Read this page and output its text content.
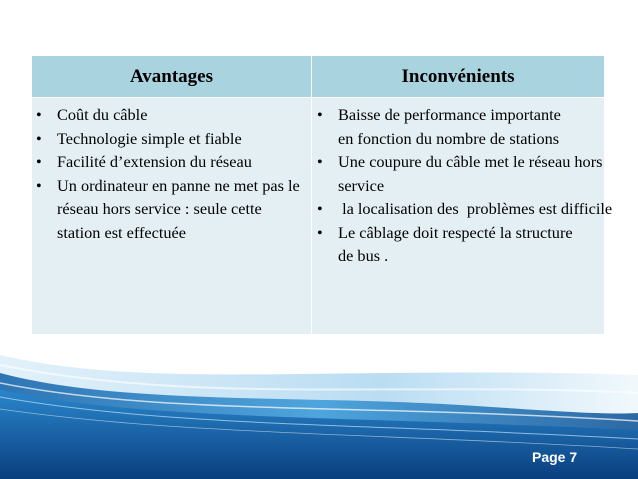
Avantages	Inconvénients
• Coût du câble
• Technologie simple et fiable
• Facilité d’extension du réseau
• Un ordinateur en panne ne met pas le réseau hors service : seule cette station est effectuée
• Baisse de performance importante en fonction du nombre de stations
• Une coupure du câble met le réseau hors service
• la localisation des  problèmes est difficile
• Le câblage doit respecté la structure de bus .
Page 7
